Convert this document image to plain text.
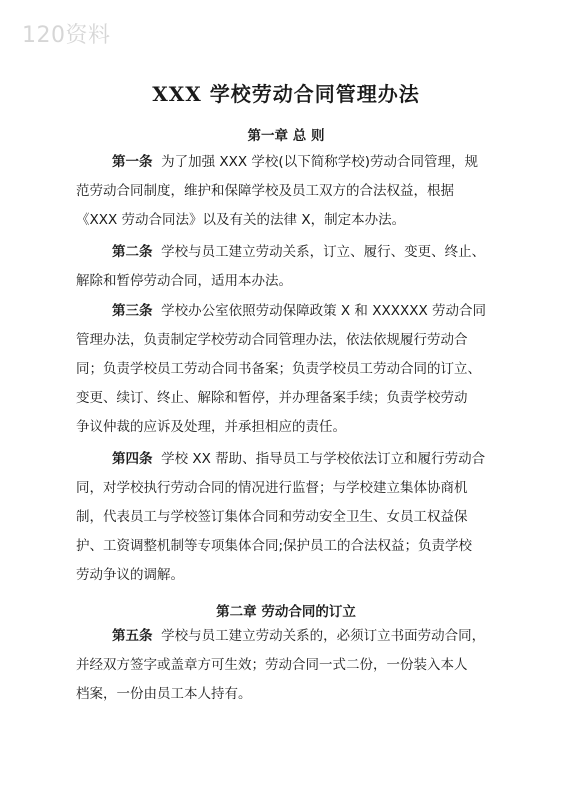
120资料
XXX 学校劳动合同管理办法
第一章 总 则
第一条 为了加强 XXX 学校(以下简称学校)劳动合同管理，规
范劳动合同制度，维护和保障学校及员工双方的合法权益，根据
《XXX 劳动合同法》以及有关的法律 X，制定本办法。
第二条 学校与员工建立劳动关系，订立、履行、变更、终止、
解除和暂停劳动合同，适用本办法。
第三条 学校办公室依照劳动保障政策 X 和 XXXXXX 劳动合同
管理办法，负责制定学校劳动合同管理办法，依法依规履行劳动合
同；负责学校员工劳动合同书备案；负责学校员工劳动合同的订立、
变更、续订、终止、解除和暂停，并办理备案手续；负责学校劳动
争议仲裁的应诉及处理，并承担相应的责任。
第四条 学校 XX 帮助、指导员工与学校依法订立和履行劳动合
同，对学校执行劳动合同的情况进行监督；与学校建立集体协商机
制，代表员工与学校签订集体合同和劳动安全卫生、女员工权益保
护、工资调整机制等专项集体合同;保护员工的合法权益；负责学校
劳动争议的调解。
第二章 劳动合同的订立
第五条 学校与员工建立劳动关系的，必须订立书面劳动合同，
并经双方签字或盖章方可生效；劳动合同一式二份，一份装入本人
档案，一份由员工本人持有。
